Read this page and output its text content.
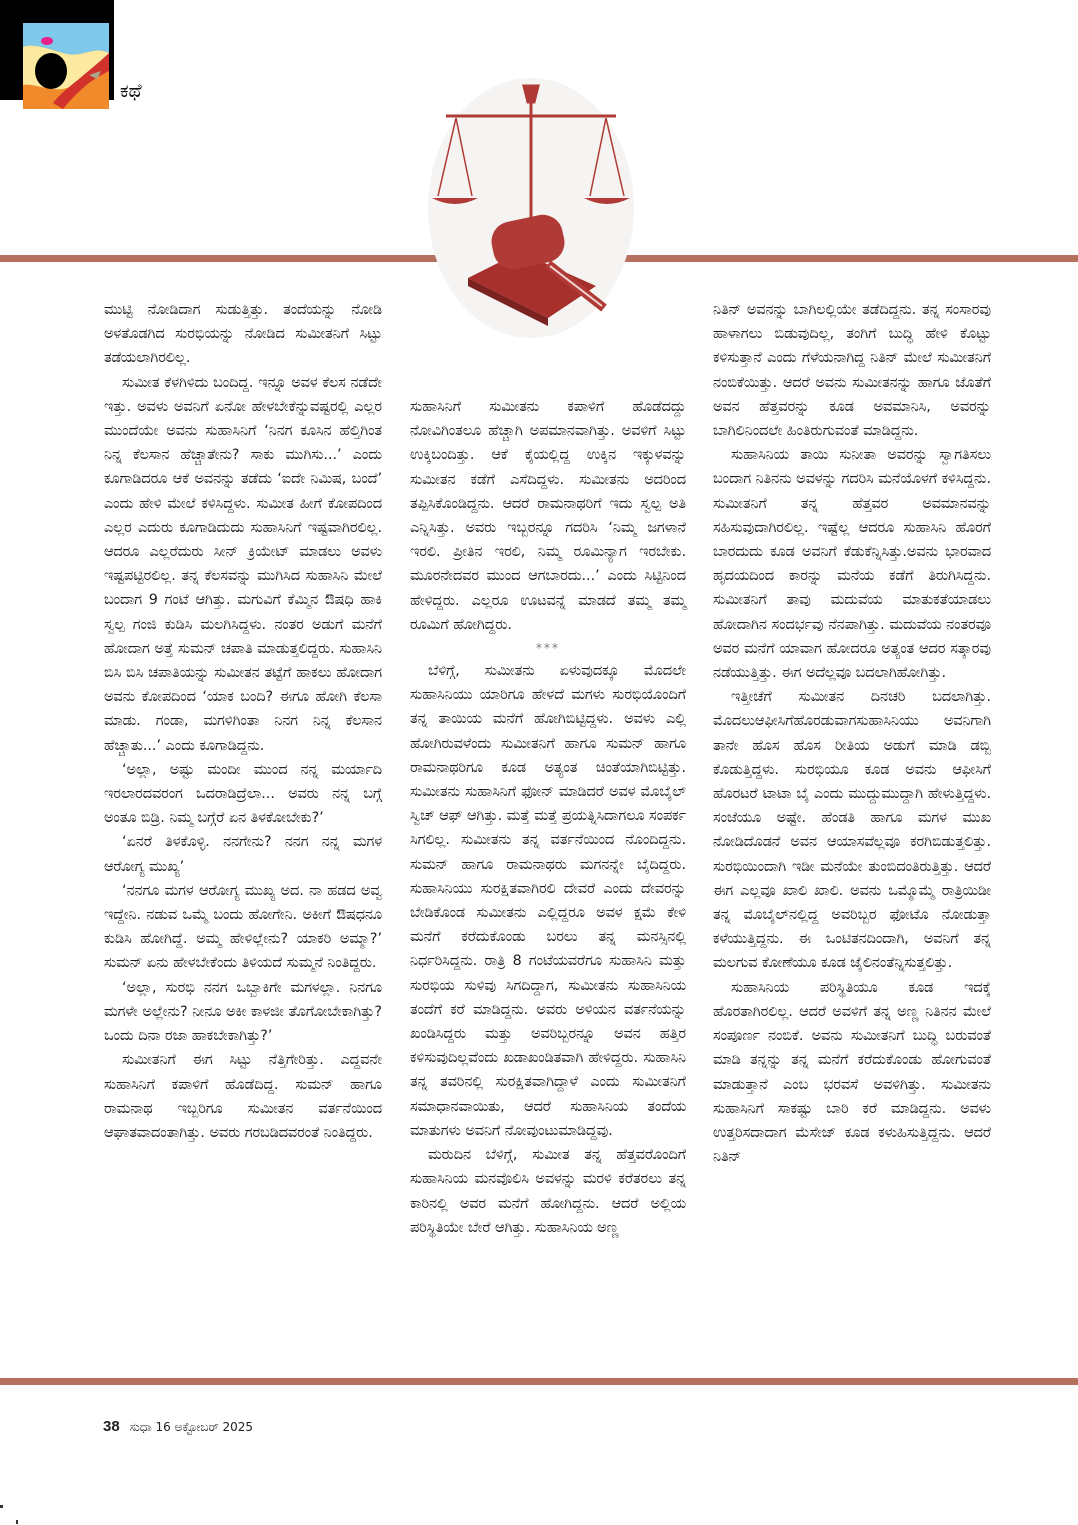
ಕಥೆ

ಮುಟ್ಟಿ ನೋಡಿದಾಗ ಸುಡುತ್ತಿತ್ತು. ತಂದೆಯನ್ನು ನೋಡಿ ಅಳತೊಡಗಿದ ಸುರಭಿಯನ್ನು ನೋಡಿದ ಸುಮೀತನಿಗೆ ಸಿಟ್ಟು ತಡೆಯಲಾಗಿರಲಿಲ್ಲ.

ಸುಮೀತ ಕೆಳಗಿಳಿದು ಬಂದಿದ್ದ. ಇನ್ನೂ ಅವಳ ಕೆಲಸ ನಡೆದೇ ಇತ್ತು. ಅವಳು ಅವನಿಗೆ ಏನೋ ಹೇಳಬೇಕೆನ್ನುವಷ್ಟರಲ್ಲಿ ಎಲ್ಲರ ಮುಂದೆಯೇ ಅವನು ಸುಹಾಸಿನಿಗೆ ‘ನಿನಗ ಕೂಸಿನ ಹೆಲ್ತಿಗಿಂತ ನಿನ್ನ ಕೆಲಸಾನ ಹೆಚ್ಚಾತೇನು? ಸಾಕು ಮುಗಿಸು...’ ಎಂದು ಕೂಗಾಡಿದರೂ ಆಕೆ ಅವನನ್ನು ತಡೆದು ‘ಐದೇ ನಿಮಿಷ, ಬಂದೆ’ ಎಂದು ಹೇಳಿ ಮೇಲೆ ಕಳಿಸಿದ್ದಳು. ಸುಮೀತ ಹೀಗೆ ಕೋಪದಿಂದ ಎಲ್ಲರ ಎದುರು ಕೂಗಾಡಿದುದು ಸುಹಾಸಿನಿಗೆ ಇಷ್ಟವಾಗಿರಲಿಲ್ಲ. ಆದರೂ ಎಲ್ಲರೆದುರು ಸೀನ್ ಕ್ರಿಯೇಟ್ ಮಾಡಲು ಅವಳು ಇಷ್ಟಪಟ್ಟಿರಲಿಲ್ಲ. ತನ್ನ ಕೆಲಸವನ್ನು ಮುಗಿಸಿದ ಸುಹಾಸಿನಿ ಮೇಲೆ ಬಂದಾಗ 9 ಗಂಟೆ ಆಗಿತ್ತು. ಮಗುವಿಗೆ ಕೆಮ್ಮಿನ ಔಷಧಿ ಹಾಕಿ ಸ್ವಲ್ಪ ಗಂಜಿ ಕುಡಿಸಿ ಮಲಗಿಸಿದ್ದಳು. ನಂತರ ಅಡುಗೆ ಮನೆಗೆ ಹೋದಾಗ ಅತ್ತೆ ಸುಮನ್ ಚಪಾತಿ ಮಾಡುತ್ತಲಿದ್ದರು. ಸುಹಾಸಿನಿ ಬಿಸಿ ಬಿಸಿ ಚಪಾತಿಯನ್ನು ಸುಮೀತನ ತಟ್ಟೆಗೆ ಹಾಕಲು ಹೋದಾಗ ಅವನು ಕೋಪದಿಂದ ‘ಯಾಕ ಬಂದಿ? ಈಗೂ ಹೋಗಿ ಕೆಲಸಾ ಮಾಡು. ಗಂಡಾ, ಮಗಳಿಗಿಂತಾ ನಿನಗ ನಿನ್ನ ಕೆಲಸಾನ ಹೆಚ್ಚಾತು...’ ಎಂದು ಕೂಗಾಡಿದ್ದನು.

‘ಅಲ್ಲಾ, ಅಷ್ಟು ಮಂದೀ ಮುಂದ ನನ್ನ ಮರ್ಯಾದಿ ಇರಲಾರದವರಂಗ ಒದರಾಡಿದ್ರೆಲಾ... ಅವರು ನನ್ನ ಬಗ್ಗೆ ಅಂತೂ ಬಿಡ್ರಿ. ನಿಮ್ಮ ಬಗ್ಗೆರೆ ಏನ ತಿಳಕೋಬೇಕು?’

‘ಏನರೆ ತಿಳಕೊಳ್ಳಿ. ನನಗೇನು? ನನಗ ನನ್ನ ಮಗಳ ಆರೋಗ್ಯ ಮುಖ್ಯ’

‘ನನಗೂ ಮಗಳ ಆರೋಗ್ಯ ಮುಖ್ಯ ಅದ. ನಾ ಹಡದ ಅವ್ವ ಇದ್ದೇನಿ. ನಡುವ ಒಮ್ಮೆ ಬಂದು ಹೋಗೇನಿ. ಅಕೀಗೆ ಔಷಧನೂ ಕುಡಿಸಿ ಹೋಗಿದ್ದೆ. ಅಮ್ಮ ಹೇಳಿಲ್ಲೇನು? ಯಾಕರಿ ಅಮ್ಮಾ?’ ಸುಮನ್ ಏನು ಹೇಳಬೇಕೆಂದು ತಿಳಿಯದೆ ಸುಮ್ಮನೆ ನಿಂತಿದ್ದರು.

‘ಅಲ್ಲಾ, ಸುರಭಿ ನನಗ ಒಬ್ಬಾಕಿಗೇ ಮಗಳಲ್ಲಾ. ನಿನಗೂ ಮಗಳೇ ಅಲ್ಲೇನು? ನೀನೂ ಅಕೀ ಕಾಳಜೀ ತೊಗೋಬೇಕಾಗಿತ್ತು? ಒಂದು ದಿನಾ ರಜಾ ಹಾಕಬೇಕಾಗಿತ್ತು?’

ಸುಮೀತನಿಗೆ ಈಗ ಸಿಟ್ಟು ನೆತ್ತಿಗೇರಿತ್ತು. ಎದ್ದವನೇ ಸುಹಾಸಿನಿಗೆ ಕಪಾಳಿಗೆ ಹೊಡೆದಿದ್ದ. ಸುಮನ್ ಹಾಗೂ ರಾಮನಾಥ ಇಬ್ಬರಿಗೂ ಸುಮೀತನ ವರ್ತನೆಯಿಂದ ಆಘಾತವಾದಂತಾಗಿತ್ತು. ಅವರು ಗರಬಡಿದವರಂತೆ ನಿಂತಿದ್ದರು.

ಸುಹಾಸಿನಿಗೆ ಸುಮೀತನು ಕಪಾಳಿಗೆ ಹೊಡೆದದ್ದು ನೋವಿಗಿಂತಲೂ ಹೆಚ್ಚಾಗಿ ಅಪಮಾನವಾಗಿತ್ತು. ಅವಳಿಗೆ ಸಿಟ್ಟು ಉಕ್ಕಿಬಂದಿತ್ತು. ಆಕೆ ಕೈಯಲ್ಲಿದ್ದ ಉಕ್ಕಿನ ಇಕ್ಕುಳವನ್ನು ಸುಮೀತನ ಕಡೆಗೆ ಎಸೆದಿದ್ದಳು. ಸುಮೀತನು ಅದರಿಂದ ತಪ್ಪಿಸಿಕೊಂಡಿದ್ದನು. ಆದರೆ ರಾಮನಾಥರಿಗೆ ಇದು ಸ್ವಲ್ಪ ಅತಿ ಎನ್ನಿಸಿತ್ತು. ಅವರು ಇಬ್ಬರನ್ನೂ ಗದರಿಸಿ ‘ನಿಮ್ಮ ಜಗಳಾನೆ ಇರಲಿ. ಪ್ರೀತಿನ ಇರಲಿ, ನಿಮ್ಮ ರೂಮಿನ್ಯಾಗ ಇರಬೇಕು. ಮೂರನೇದವರ ಮುಂದ ಆಗಬಾರದು...’ ಎಂದು ಸಿಟ್ಟಿನಿಂದ ಹೇಳಿದ್ದರು. ಎಲ್ಲರೂ ಊಟವನ್ನೆ ಮಾಡದೆ ತಮ್ಮ ತಮ್ಮ ರೂಮಿಗೆ ಹೋಗಿದ್ದರು.

***

ಬೆಳಿಗ್ಗೆ, ಸುಮೀತನು ಏಳುವುದಕ್ಕೂ ಮೊದಲೇ ಸುಹಾಸಿನಿಯು ಯಾರಿಗೂ ಹೇಳದೆ ಮಗಳು ಸುರಭಿಯೊಂದಿಗೆ ತನ್ನ ತಾಯಿಯ ಮನೆಗೆ ಹೋಗಿಬಿಟ್ಟಿದ್ದಳು. ಅವಳು ಎಲ್ಲಿ ಹೋಗಿರುವಳೆಂದು ಸುಮೀತನಿಗೆ ಹಾಗೂ ಸುಮನ್ ಹಾಗೂ ರಾಮನಾಥರಿಗೂ ಕೂಡ ಅತ್ಯಂತ ಚಿಂತೆಯಾಗಿಬಿಟ್ಟಿತ್ತು. ಸುಮೀತನು ಸುಹಾಸಿನಿಗೆ ಫೋನ್ ಮಾಡಿದರೆ ಅವಳ ಮೊಬೈಲ್ ಸ್ವಿಚ್ ಆಫ್ ಆಗಿತ್ತು. ಮತ್ತೆ ಮತ್ತೆ ಪ್ರಯತ್ನಿಸಿದಾಗಲೂ ಸಂಪರ್ಕ ಸಿಗಲಿಲ್ಲ. ಸುಮೀತನು ತನ್ನ ವರ್ತನೆಯಿಂದ ನೊಂದಿದ್ದನು. ಸುಮನ್ ಹಾಗೂ ರಾಮನಾಥರು ಮಗನನ್ನೇ ಬೈದಿದ್ದರು. ಸುಹಾಸಿನಿಯು ಸುರಕ್ಷಿತವಾಗಿರಲಿ ದೇವರೆ ಎಂದು ದೇವರನ್ನು ಬೇಡಿಕೊಂಡ ಸುಮೀತನು ಎಲ್ಲಿದ್ದರೂ ಅವಳ ಕ್ಷಮೆ ಕೇಳಿ ಮನೆಗೆ ಕರೆದುಕೊಂಡು ಬರಲು ತನ್ನ ಮನಸ್ಸಿನಲ್ಲಿ ನಿರ್ಧರಿಸಿದ್ದನು. ರಾತ್ರಿ 8 ಗಂಟೆಯವರೆಗೂ ಸುಹಾಸಿನಿ ಮತ್ತು ಸುರಭಿಯ ಸುಳಿವು ಸಿಗದಿದ್ದಾಗ, ಸುಮೀತನು ಸುಹಾಸಿನಿಯ ತಂದೆಗೆ ಕರೆ ಮಾಡಿದ್ದನು. ಅವರು ಅಳಿಯನ ವರ್ತನೆಯನ್ನು ಖಂಡಿಸಿದ್ದರು ಮತ್ತು ಅವರಿಬ್ಬರನ್ನೂ ಅವನ ಹತ್ತಿರ ಕಳಿಸುವುದಿಲ್ಲವೆಂದು ಖಡಾಖಂಡಿತವಾಗಿ ಹೇಳಿದ್ದರು. ಸುಹಾಸಿನಿ ತನ್ನ ತವರಿನಲ್ಲಿ ಸುರಕ್ಷಿತವಾಗಿದ್ದಾಳೆ ಎಂದು ಸುಮೀತನಿಗೆ ಸಮಾಧಾನವಾಯಿತು, ಆದರೆ ಸುಹಾಸಿನಿಯ ತಂದೆಯ ಮಾತುಗಳು ಅವನಿಗೆ ನೋವುಂಟುಮಾಡಿದ್ದವು.

ಮರುದಿನ ಬೆಳಿಗ್ಗೆ, ಸುಮೀತ ತನ್ನ ಹೆತ್ತವರೊಂದಿಗೆ ಸುಹಾಸಿನಿಯ ಮನವೊಲಿಸಿ ಅವಳನ್ನು ಮರಳಿ ಕರೆತರಲು ತನ್ನ ಕಾರಿನಲ್ಲಿ ಅವರ ಮನೆಗೆ ಹೋಗಿದ್ದನು. ಆದರೆ ಅಲ್ಲಿಯ ಪರಿಸ್ಥಿತಿಯೇ ಬೇರೆ ಆಗಿತ್ತು. ಸುಹಾಸಿನಿಯ ಅಣ್ಣ

ನಿತಿನ್ ಅವನನ್ನು ಬಾಗಿಲಲ್ಲಿಯೇ ತಡೆದಿದ್ದನು. ತನ್ನ ಸಂಸಾರವು ಹಾಳಾಗಲು ಬಿಡುವುದಿಲ್ಲ, ತಂಗಿಗೆ ಬುದ್ಧಿ ಹೇಳಿ ಕೊಟ್ಟು ಕಳಿಸುತ್ತಾನೆ ಎಂದು ಗೆಳೆಯನಾಗಿದ್ದ ನಿತಿನ್ ಮೇಲೆ ಸುಮೀತನಿಗೆ ನಂಬಿಕೆಯಿತ್ತು. ಆದರೆ ಅವನು ಸುಮೀತನನ್ನು ಹಾಗೂ ಜೊತೆಗೆ ಅವನ ಹೆತ್ತವರನ್ನು ಕೂಡ ಅವಮಾನಿಸಿ, ಅವರನ್ನು ಬಾಗಿಲಿನಿಂದಲೇ ಹಿಂತಿರುಗುವಂತೆ ಮಾಡಿದ್ದನು.

ಸುಹಾಸಿನಿಯ ತಾಯಿ ಸುನೀತಾ ಅವರನ್ನು ಸ್ವಾಗತಿಸಲು ಬಂದಾಗ ನಿತಿನನು ಅವಳನ್ನು ಗದರಿಸಿ ಮನೆಯೊಳಗೆ ಕಳಿಸಿದ್ದನು. ಸುಮೀತನಿಗೆ ತನ್ನ ಹೆತ್ತವರ ಅವಮಾನವನ್ನು ಸಹಿಸುವುದಾಗಿರಲಿಲ್ಲ. ಇಷ್ಟೆಲ್ಲ ಆದರೂ ಸುಹಾಸಿನಿ ಹೊರಗೆ ಬಾರದುದು ಕೂಡ ಅವನಿಗೆ ಕೆಡುಕೆನ್ನಿಸಿತ್ತು.ಅವನು ಭಾರವಾದ ಹೃದಯದಿಂದ ಕಾರನ್ನು ಮನೆಯ ಕಡೆಗೆ ತಿರುಗಿಸಿದ್ದನು. ಸುಮೀತನಿಗೆ ತಾವು ಮದುವೆಯ ಮಾತುಕತೆಯಾಡಲು ಹೋದಾಗಿನ ಸಂದರ್ಭವು ನೆನಪಾಗಿತ್ತು. ಮದುವೆಯ ನಂತರವೂ ಅವರ ಮನೆಗೆ ಯಾವಾಗ ಹೋದರೂ ಅತ್ಯಂತ ಆದರ ಸತ್ಕಾರವು ನಡೆಯುತ್ತಿತ್ತು. ಈಗ ಅದೆಲ್ಲವೂ ಬದಲಾಗಿಹೋಗಿತ್ತು.

ಇತ್ತೀಚೆಗೆ ಸುಮೀತನ ದಿನಚರಿ ಬದಲಾಗಿತ್ತು. ಮೊದಲುಆಫೀಸಿಗೆಹೊರಡುವಾಗಸುಹಾಸಿನಿಯು ಅವನಿಗಾಗಿ ತಾನೇ ಹೊಸ ಹೊಸ ರೀತಿಯ ಅಡುಗೆ ಮಾಡಿ ಡಬ್ಬಿ ಕೊಡುತ್ತಿದ್ದಳು. ಸುರಭಿಯೂ ಕೂಡ ಅವನು ಆಫೀಸಿಗೆ ಹೊರಟರೆ ಟಾಟಾ ಬೈ ಎಂದು ಮುದ್ದುಮುದ್ದಾಗಿ ಹೇಳುತ್ತಿದ್ದಳು. ಸಂಜೆಯೂ ಅಷ್ಟೇ. ಹೆಂಡತಿ ಹಾಗೂ ಮಗಳ ಮುಖ ನೋಡಿದೊಡನೆ ಅವನ ಆಯಾಸವೆಲ್ಲವೂ ಕರಗಿಬಿಡುತ್ತಲಿತ್ತು. ಸುರಭಿಯಿಂದಾಗಿ ಇಡೀ ಮನೆಯೇ ತುಂಬಿದಂತಿರುತ್ತಿತ್ತು. ಆದರೆ ಈಗ ಎಲ್ಲವೂ ಖಾಲಿ ಖಾಲಿ. ಅವನು ಒಮ್ಮೊಮ್ಮೆ ರಾತ್ರಿಯಿಡೀ ತನ್ನ ಮೊಬೈಲ್‌ನಲ್ಲಿದ್ದ ಅವರಿಬ್ಬರ ಫೋಟೊ ನೋಡುತ್ತಾ ಕಳೆಯುತ್ತಿದ್ದನು. ಈ ಒಂಟಿತನದಿಂದಾಗಿ, ಅವನಿಗೆ ತನ್ನ ಮಲಗುವ ಕೋಣೆಯೂ ಕೂಡ ಜೈಲಿನಂತೆನ್ನಿಸುತ್ತಲಿತ್ತು.

ಸುಹಾಸಿನಿಯ ಪರಿಸ್ಥಿತಿಯೂ ಕೂಡ ಇದಕ್ಕೆ ಹೊರತಾಗಿರಲಿಲ್ಲ. ಆದರೆ ಅವಳಿಗೆ ತನ್ನ ಅಣ್ಣ ನಿತಿನನ ಮೇಲೆ ಸಂಪೂರ್ಣ ನಂಬಿಕೆ. ಅವನು ಸುಮೀತನಿಗೆ ಬುದ್ಧಿ ಬರುವಂತೆ ಮಾಡಿ ತನ್ನನ್ನು ತನ್ನ ಮನೆಗೆ ಕರೆದುಕೊಂಡು ಹೋಗುವಂತೆ ಮಾಡುತ್ತಾನೆ ಎಂಬ ಭರವಸೆ ಅವಳಿಗಿತ್ತು. ಸುಮೀತನು ಸುಹಾಸಿನಿಗೆ ಸಾಕಷ್ಟು ಬಾರಿ ಕರೆ ಮಾಡಿದ್ದನು. ಅವಳು ಉತ್ತರಿಸದಾದಾಗ ಮೆಸೇಜ್ ಕೂಡ ಕಳುಹಿಸುತ್ತಿದ್ದನು. ಆದರೆ ನಿತಿನ್

38 ಸುಧಾ 16 ಅಕ್ಟೋಬರ್ 2025
